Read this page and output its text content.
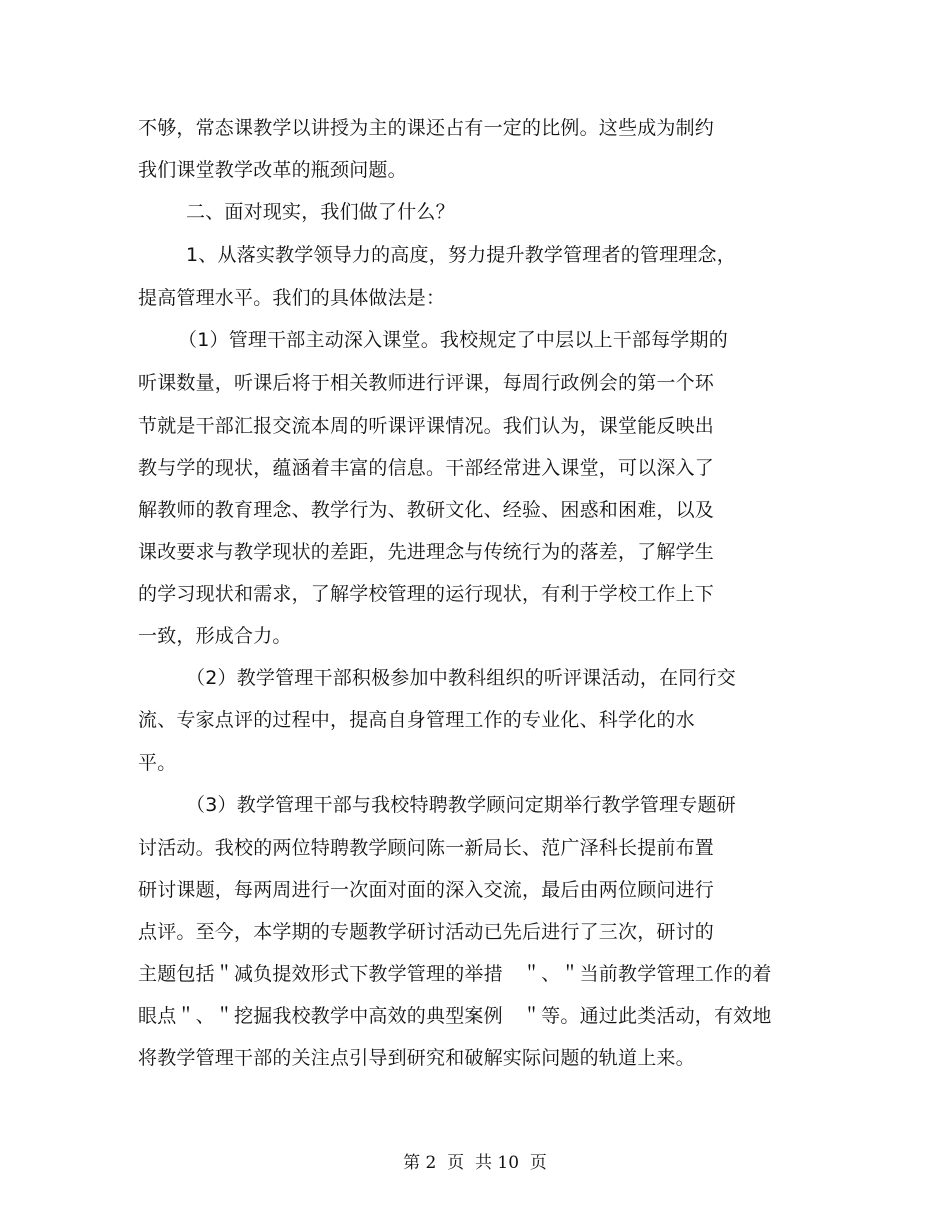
不够，常态课教学以讲授为主的课还占有一定的比例。这些成为制约
我们课堂教学改革的瓶颈问题。
二、面对现实，我们做了什么？
1、从落实教学领导力的高度，努力提升教学管理者的管理理念，
提高管理水平。我们的具体做法是：
（1）管理干部主动深入课堂。我校规定了中层以上干部每学期的
听课数量，听课后将于相关教师进行评课，每周行政例会的第一个环
节就是干部汇报交流本周的听课评课情况。我们认为，课堂能反映出
教与学的现状，蕴涵着丰富的信息。干部经常进入课堂，可以深入了
解教师的教育理念、教学行为、教研文化、经验、困惑和困难，以及
课改要求与教学现状的差距，先进理念与传统行为的落差，了解学生
的学习现状和需求，了解学校管理的运行现状，有利于学校工作上下
一致，形成合力。
（2）教学管理干部积极参加中教科组织的听评课活动，在同行交
流、专家点评的过程中，提高自身管理工作的专业化、科学化的水
平。
（3）教学管理干部与我校特聘教学顾问定期举行教学管理专题研
讨活动。我校的两位特聘教学顾问陈一新局长、范广泽科长提前布置
研讨课题，每两周进行一次面对面的深入交流，最后由两位顾问进行
点评。至今，本学期的专题教学研讨活动已先后进行了三次，研讨的
主题包括＂减负提效形式下教学管理的举措　＂、＂当前教学管理工作的着
眼点＂、＂挖掘我校教学中高效的典型案例　＂等。通过此类活动，有效地
将教学管理干部的关注点引导到研究和破解实际问题的轨道上来。
第 2  页  共 10  页
